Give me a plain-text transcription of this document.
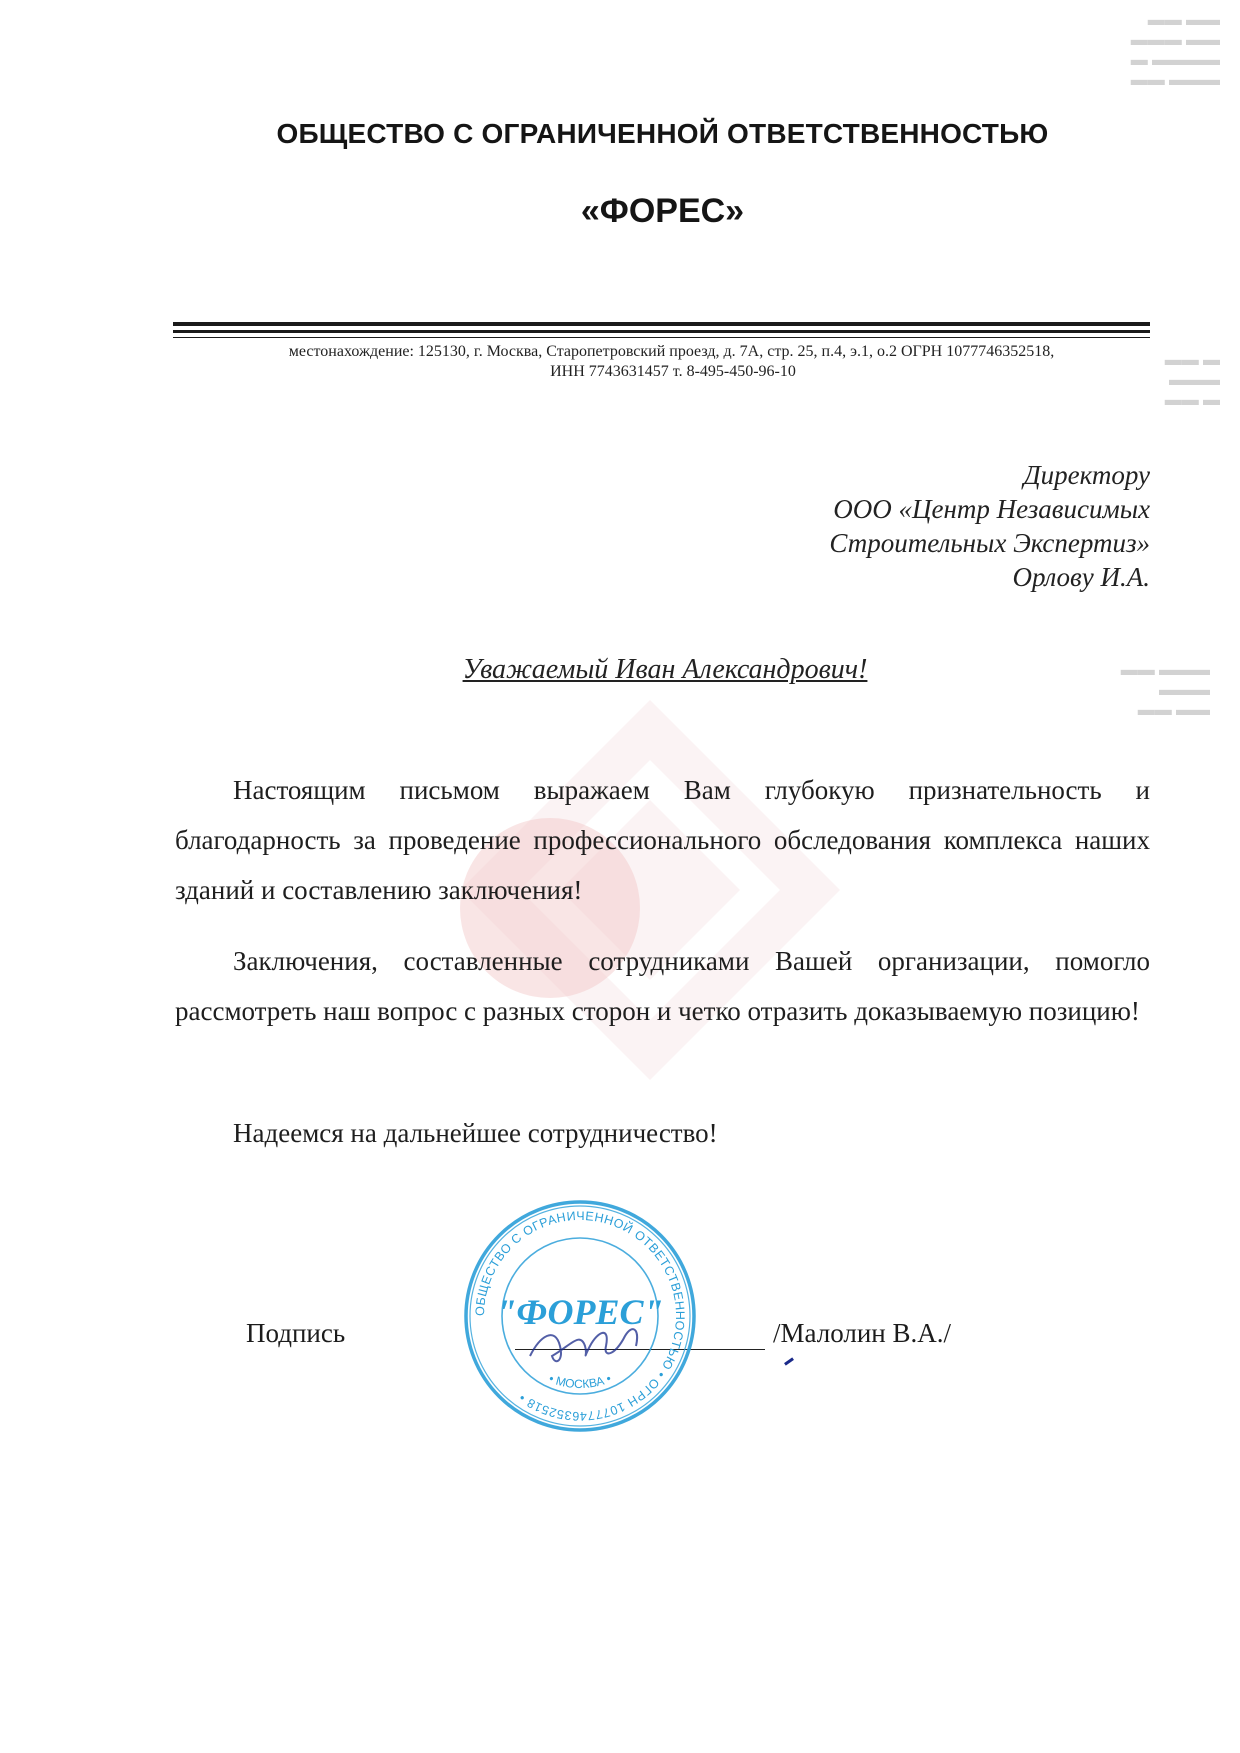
▬▬ ▬▬
▬▬▬ ▬▬
▬ ▬▬▬▬
▬▬ ▬▬▬
▬▬ ▬
▬▬▬
▬▬ ▬
▬▬ ▬▬▬
▬▬▬
▬▬ ▬▬
ОБЩЕСТВО С ОГРАНИЧЕННОЙ ОТВЕТСТВЕННОСТЬЮ
«ФОРЕС»
местонахождение: 125130, г. Москва, Старопетровский проезд, д. 7А, стр. 25, п.4, э.1, о.2 ОГРН 1077746352518,
ИНН 7743631457 т. 8-495-450-96-10
Директору
ООО «Центр Независимых
Строительных Экспертиз»
Орлову И.А.
Уважаемый Иван Александрович!
Настоящим письмом выражаем Вам глубокую признательность и благодарность за проведение профессионального обследования комплекса наших зданий и составлению заключения!
Заключения, составленные сотрудниками Вашей организации, помогло рассмотреть наш вопрос с разных сторон и четко отразить доказываемую позицию!
Надеемся на дальнейшее сотрудничество!
Подпись	/Малолин В.А./
ОБЩЕСТВО С ОГРАНИЧЕННОЙ ОТВЕТСТВЕННОСТЬЮ • ОГРН 1077746352518 •
"ФОРЕС"
• МОСКВА •
